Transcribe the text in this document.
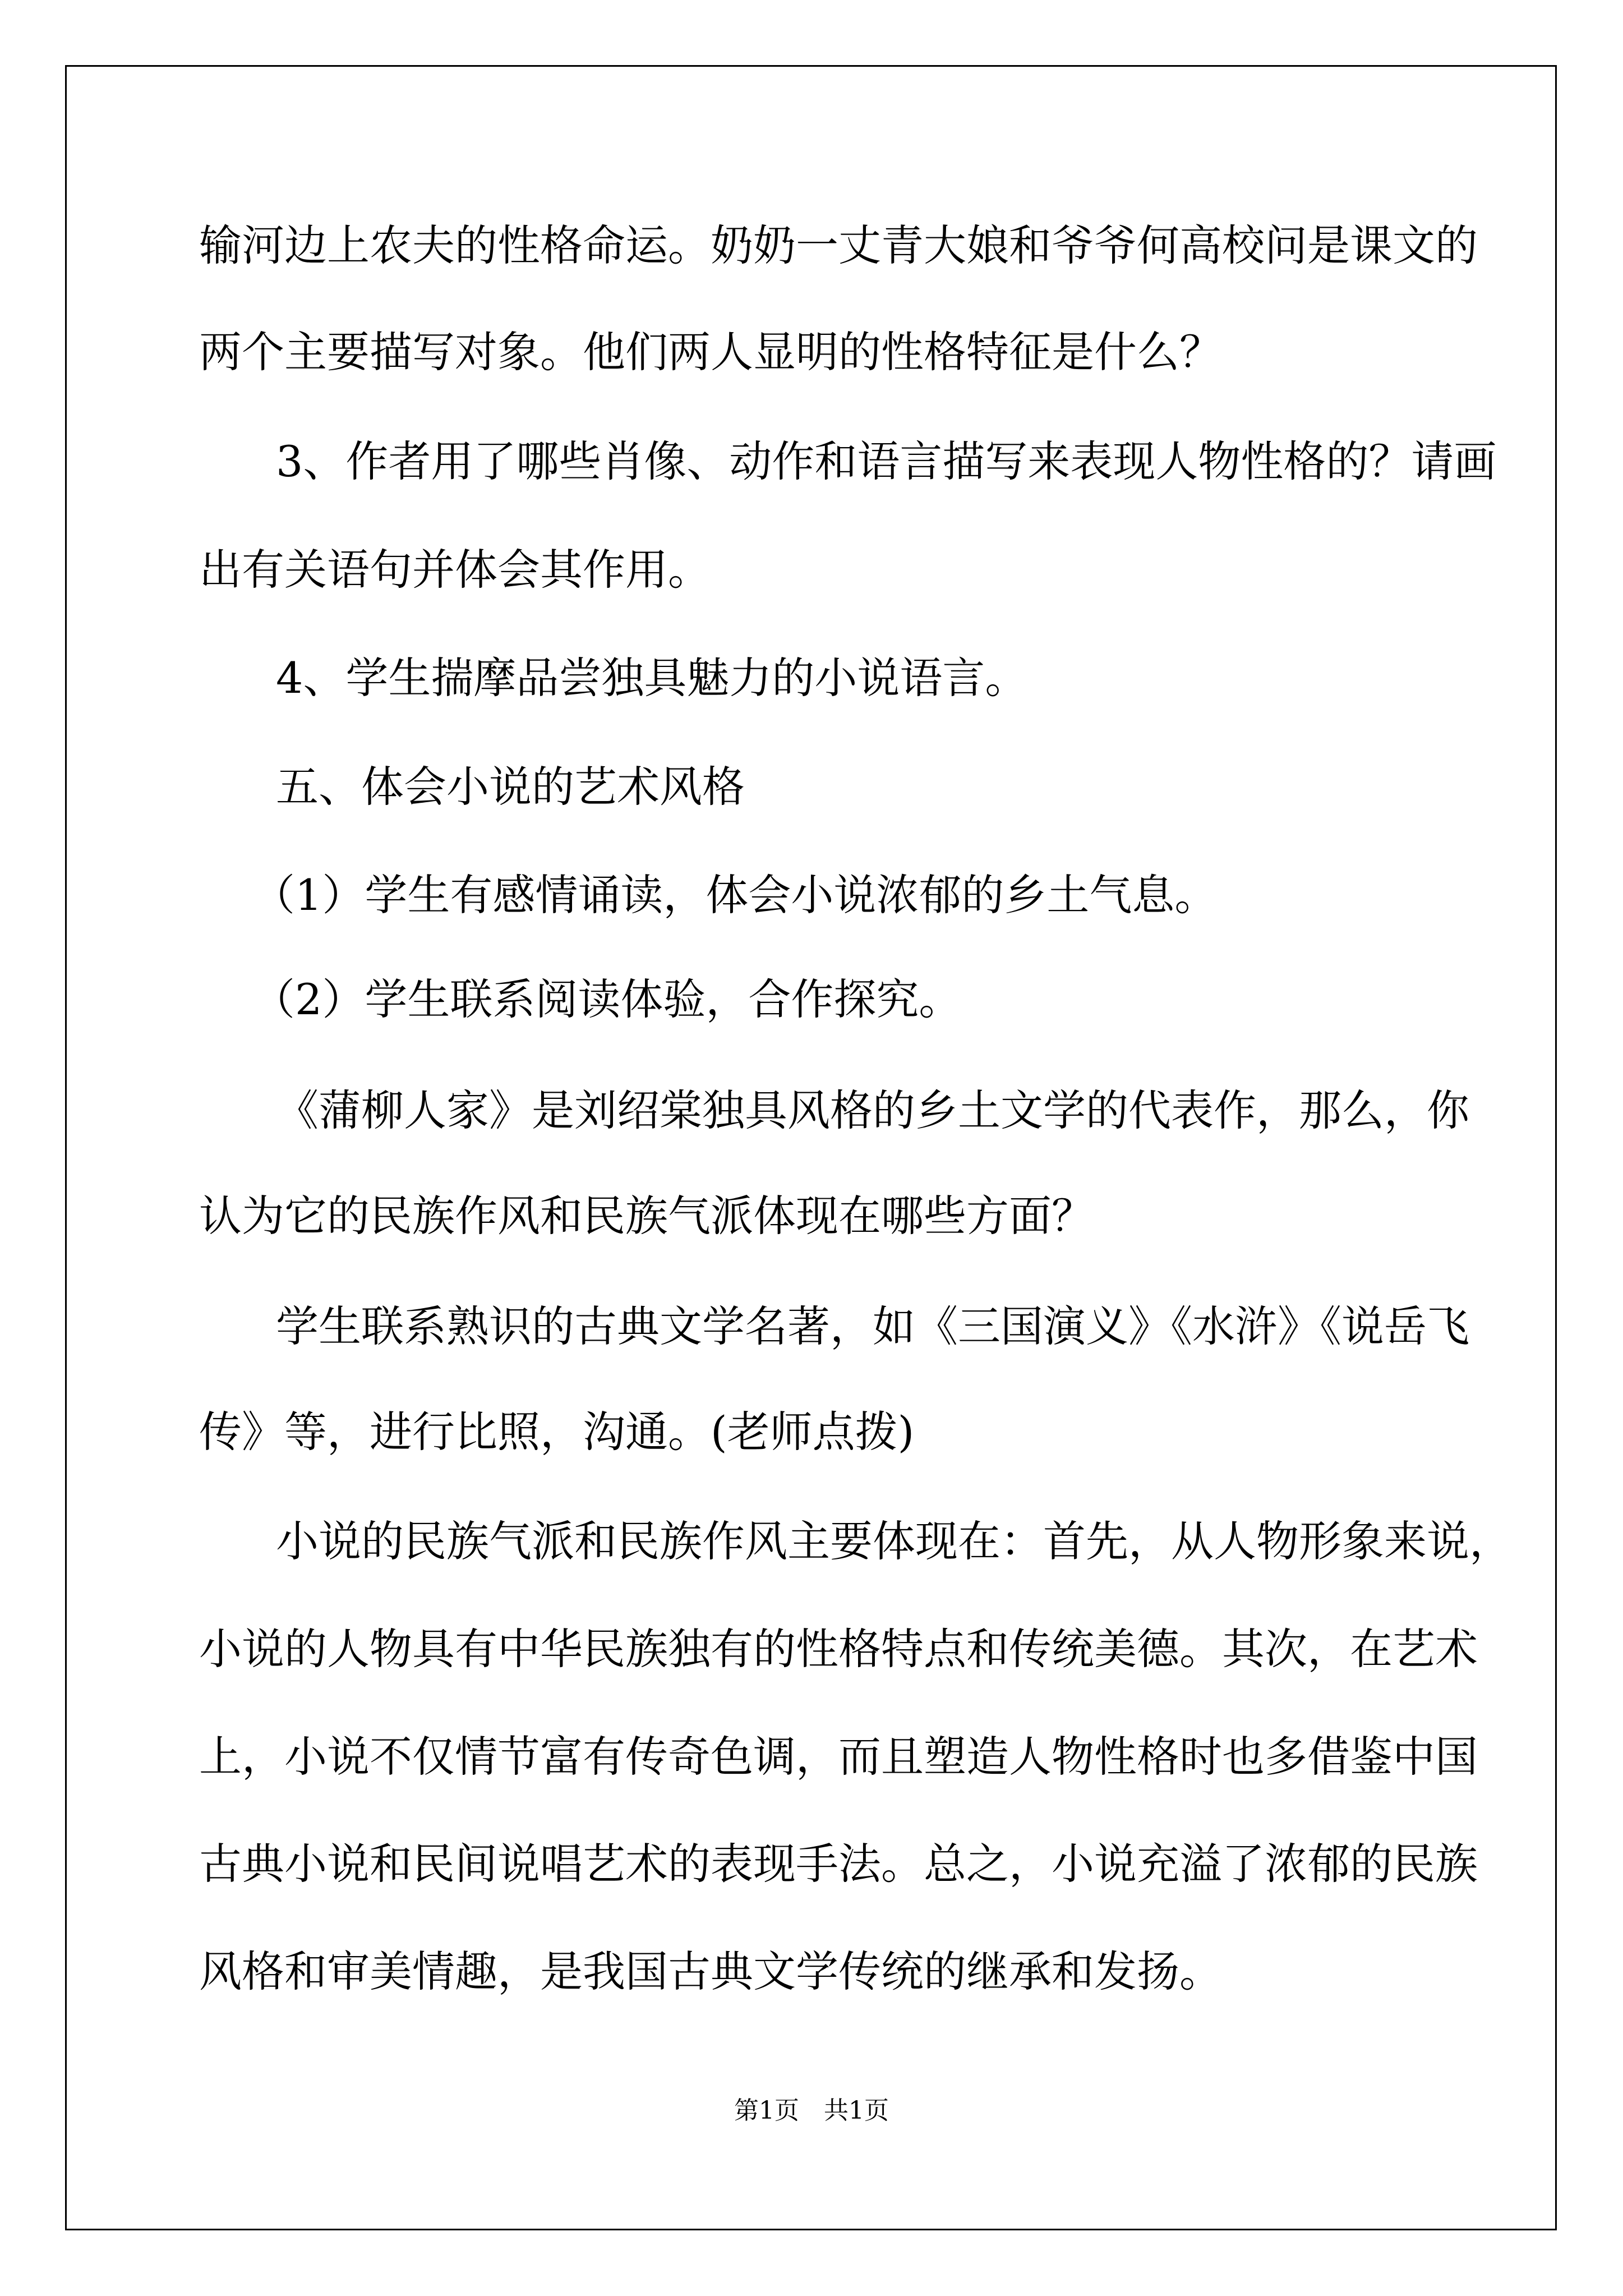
输河边上农夫的性格命运。奶奶一丈青大娘和爷爷何高校问是课文的

两个主要描写对象。他们两人显明的性格特征是什么？

3、作者用了哪些肖像、动作和语言描写来表现人物性格的？请画

出有关语句并体会其作用。

4、学生揣摩品尝独具魅力的小说语言。

五、体会小说的艺术风格

（1）学生有感情诵读，体会小说浓郁的乡土气息。

（2）学生联系阅读体验，合作探究。

《蒲柳人家》是刘绍棠独具风格的乡土文学的代表作，那么，你

认为它的民族作风和民族气派体现在哪些方面？

学生联系熟识的古典文学名著，如《三国演义》《水浒》《说岳飞

传》等，进行比照，沟通。(老师点拨)

小说的民族气派和民族作风主要体现在：首先，从人物形象来说，

小说的人物具有中华民族独有的性格特点和传统美德。其次，在艺术

上，小说不仅情节富有传奇色调，而且塑造人物性格时也多借鉴中国

古典小说和民间说唱艺术的表现手法。总之，小说充溢了浓郁的民族

风格和审美情趣，是我国古典文学传统的继承和发扬。

第1页　共1页
